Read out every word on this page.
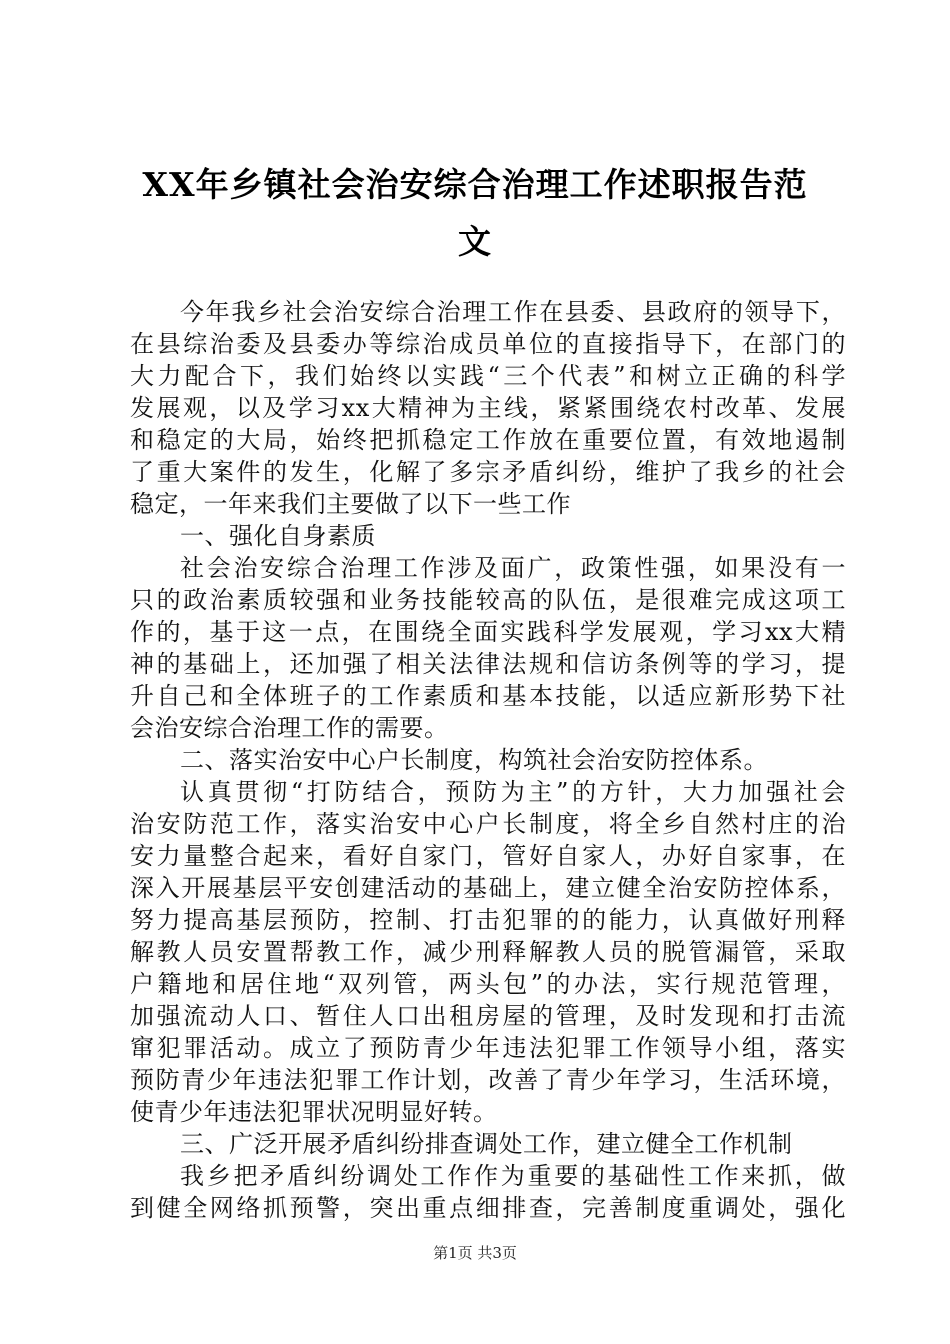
XX年乡镇社会治安综合治理工作述职报告范
文
今年我乡社会治安综合治理工作在县委、县政府的领导下，
在县综治委及县委办等综治成员单位的直接指导下，在部门的
大力配合下，我们始终以实践“三个代表”和树立正确的科学
发展观，以及学习xx大精神为主线，紧紧围绕农村改革、发展
和稳定的大局，始终把抓稳定工作放在重要位置，有效地遏制
了重大案件的发生，化解了多宗矛盾纠纷，维护了我乡的社会
稳定，一年来我们主要做了以下一些工作
一、强化自身素质
社会治安综合治理工作涉及面广，政策性强，如果没有一
只的政治素质较强和业务技能较高的队伍，是很难完成这项工
作的，基于这一点，在围绕全面实践科学发展观，学习xx大精
神的基础上，还加强了相关法律法规和信访条例等的学习，提
升自己和全体班子的工作素质和基本技能，以适应新形势下社
会治安综合治理工作的需要。
二、落实治安中心户长制度，构筑社会治安防控体系。
认真贯彻“打防结合，预防为主”的方针，大力加强社会
治安防范工作，落实治安中心户长制度，将全乡自然村庄的治
安力量整合起来，看好自家门，管好自家人，办好自家事，在
深入开展基层平安创建活动的基础上，建立健全治安防控体系，
努力提高基层预防，控制、打击犯罪的的能力，认真做好刑释
解教人员安置帮教工作，减少刑释解教人员的脱管漏管，采取
户籍地和居住地“双列管，两头包”的办法，实行规范管理，
加强流动人口、暂住人口出租房屋的管理，及时发现和打击流
窜犯罪活动。成立了预防青少年违法犯罪工作领导小组，落实
预防青少年违法犯罪工作计划，改善了青少年学习，生活环境，
使青少年违法犯罪状况明显好转。
三、广泛开展矛盾纠纷排查调处工作，建立健全工作机制
我乡把矛盾纠纷调处工作作为重要的基础性工作来抓，做
到健全网络抓预警，突出重点细排查，完善制度重调处，强化
第1页 共3页
